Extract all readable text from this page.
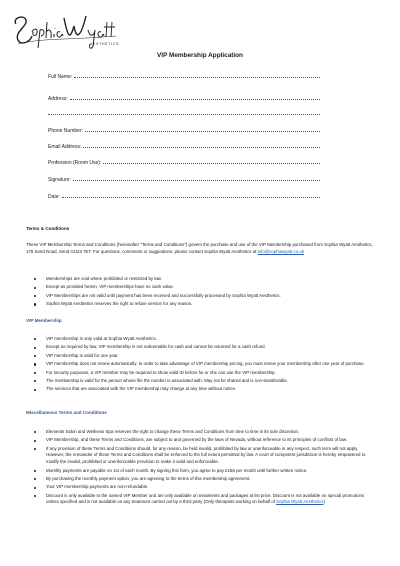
AESTHETICS
VIP Membership Application
Full Name:
Address:
Phone Number:
Email Address:
Profession (Room Use):
Signature:
Date:
Terms & Conditions

These VIP Membership Terms and Conditions (hereinafter "Terms and Conditions") govern the purchase and use of the VIP Membership purchased from Sophia Wyatt Aesthetics, 175 Send Road, Send GU23 7ET. For questions, comments or suggestions, please contact Sophia Wyatt Aesthetics at info@sophiawyatt.co.uk

Memberships are void where prohibited or restricted by law.
Except as provided herein, VIP memberships have no cash value.
VIP Memberships are not valid until payment has been received and successfully processed by Sophia Wyatt Aesthetics.
Sophia Wyatt Aesthetics reserves the right to refuse service for any reason.
VIP Membership
VIP membership is only valid at Sophia Wyatt Aesthetics.
Except as required by law, VIP membership is not redeemable for cash and cannot be returned for a cash refund.
VIP membership is valid for one year.
VIP membership does not renew automatically. In order to take advantage of VIP membership pricing, you must renew your membership after one year of purchase.
For security purposes, a VIP member may be required to show valid ID before he or she can use the VIP membership.
The membership is valid for the person whose file the number is associated with. May not be shared and is non-transferable.
The services that are associated with the VIP membership may change at any time without notice.
Miscellaneous Terms and Conditions
Elements Salon and Wellness Spa reserves the right to change these Terms and Conditions from time to time in its sole discretion.
VIP Membership, and these Terms and Conditions, are subject to and governed by the laws of Nevada, without reference to its principles of conflicts of law.
If any provision of these Terms and Conditions should, for any reason, be held invalid, prohibited by law or unenforceable in any respect, such term will not apply. However, the remainder of these Terms and Conditions shall be enforced to the full extent permitted by law. A court of competent jurisdiction is hereby empowered to modify the invalid, prohibited or unenforceable provision to make it valid and enforceable.
Monthly payments are payable on 1st of each month. By signing this form, you agree to pay £165 per month until further written notice.
By purchasing the monthly payment option, you are agreeing to the terms of this membership agreement.
Your VIP membership payments are non-refundable.
Discount is only available to the named VIP Member and are only available on treatments and packages at list price. Discount is not available on special promotions unless specified and is not available on any treatment carried out by a third party (Only therapists working on behalf of Sophia Wyatt Aesthetics)
